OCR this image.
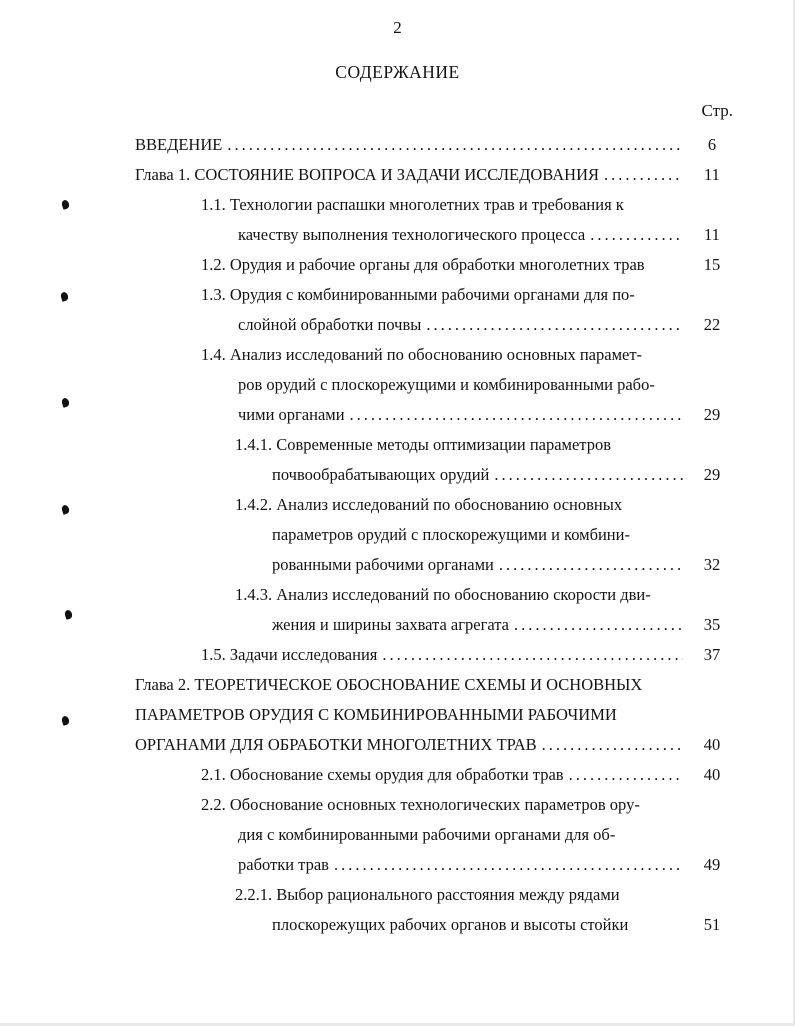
2
СОДЕРЖАНИЕ
Стр.
ВВЕДЕНИЕ .....	6
Глава 1. СОСТОЯНИЕ ВОПРОСА И ЗАДАЧИ ИССЛЕДОВАНИЯ .....	11
1.1. Технологии распашки многолетних трав и требования к
качеству выполнения технологического процесса .....	11
1.2. Орудия и рабочие органы для обработки многолетних трав	15
1.3. Орудия с комбинированными рабочими органами для по-
слойной обработки почвы .....	22
1.4. Анализ исследований по обоснованию основных парамет-
ров орудий с плоскорежущими и комбинированными рабо-
чими органами .....	29
1.4.1. Современные методы оптимизации параметров
почвообрабатывающих орудий .....	29
1.4.2. Анализ исследований по обоснованию основных
параметров орудий с плоскорежущими и комбини-
рованными рабочими органами .....	32
1.4.3. Анализ исследований по обоснованию скорости дви-
жения и ширины захвата агрегата .....	35
1.5. Задачи исследования .....	37
Глава 2. ТЕОРЕТИЧЕСКОЕ ОБОСНОВАНИЕ СХЕМЫ И ОСНОВНЫХ
ПАРАМЕТРОВ ОРУДИЯ С КОМБИНИРОВАННЫМИ РАБОЧИМИ
ОРГАНАМИ ДЛЯ ОБРАБОТКИ МНОГОЛЕТНИХ ТРАВ .....	40
2.1. Обоснование схемы орудия для обработки трав .....	40
2.2. Обоснование основных технологических параметров ору-
дия с комбинированными рабочими органами для об-
работки трав .....	49
2.2.1. Выбор рационального расстояния между рядами
плоскорежущих рабочих органов и высоты стойки	51
